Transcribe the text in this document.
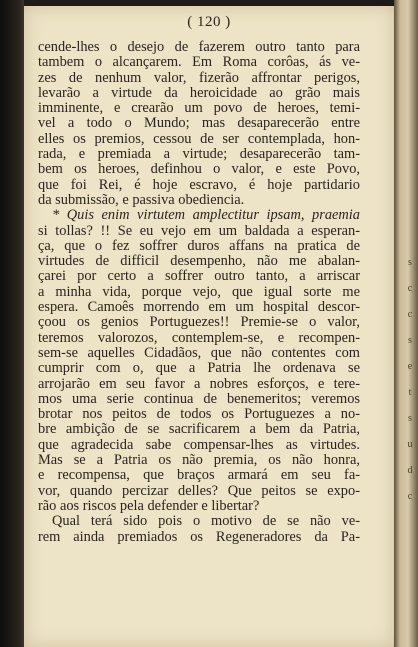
s
c
c
s
e
t
s
u
d
c
( 120 )
cende-lhes o desejo de fazerem outro tanto para
tambem o alcançarem. Em Roma corôas, ás ve-
zes de nenhum valor, fizerão affrontar perigos,
levarão a virtude da heroicidade ao grão mais
imminente, e crearão um povo de heroes, temi-
vel a todo o Mundo; mas desaparecerão entre
elles os premios, cessou de ser contemplada, hon-
rada, e premiada a virtude; desaparecerão tam-
bem os heroes, definhou o valor, e este Povo,
que foi Rei, é hoje escravo, é hoje partidario
da submissão, e passiva obediencia.
* Quis enim virtutem amplectitur ipsam, praemia
si tollas? !! Se eu vejo em um baldada a esperan-
ça, que o fez soffrer duros affans na pratica de
virtudes de difficil desempenho, não me abalan-
çarei por certo a soffrer outro tanto, a arriscar
a minha vida, porque vejo, que igual sorte me
espera. Camoês morrendo em um hospital descor-
çoou os genios Portuguezes!! Premie-se o valor,
teremos valorozos, contemplem-se, e recompen-
sem-se aquelles Cidadãos, que não contentes com
cumprir com o, que a Patria lhe ordenava se
arrojarão em seu favor a nobres esforços, e tere-
mos uma serie continua de benemeritos; veremos
brotar nos peitos de todos os Portuguezes a no-
bre ambição de se sacrificarem a bem da Patria,
que agradecida sabe compensar-lhes as virtudes.
Mas se a Patria os não premia, os não honra,
e recompensa, que braços armará em seu fa-
vor, quando percizar delles? Que peitos se expo-
rão aos riscos pela defender e libertar?
Qual terá sido pois o motivo de se não ve-
rem ainda premiados os Regeneradores da Pa-
